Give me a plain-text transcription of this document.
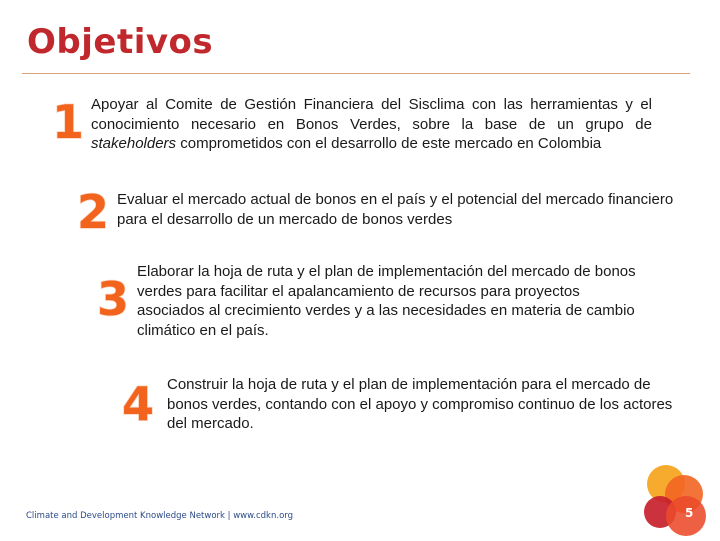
Objetivos
1 Apoyar al Comite de Gestión Financiera del Sisclima con las herramientas y el conocimiento necesario en Bonos Verdes, sobre la base de un grupo de stakeholders comprometidos con el desarrollo de este mercado en Colombia
2 Evaluar el mercado actual de bonos en el país y el potencial del mercado financiero para el desarrollo de un mercado de bonos verdes
3
Elaborar la hoja de ruta y el plan de implementación del mercado de bonos verdes para facilitar el apalancamiento de recursos para proyectos asociados al crecimiento verdes y a las necesidades en materia de cambio climático en el país.
4 Construir la hoja de ruta y el plan de implementación para el mercado de bonos verdes, contando con el apoyo y compromiso continuo de los actores del mercado.
Climate and Development Knowledge Network | www.cdkn.org	5
